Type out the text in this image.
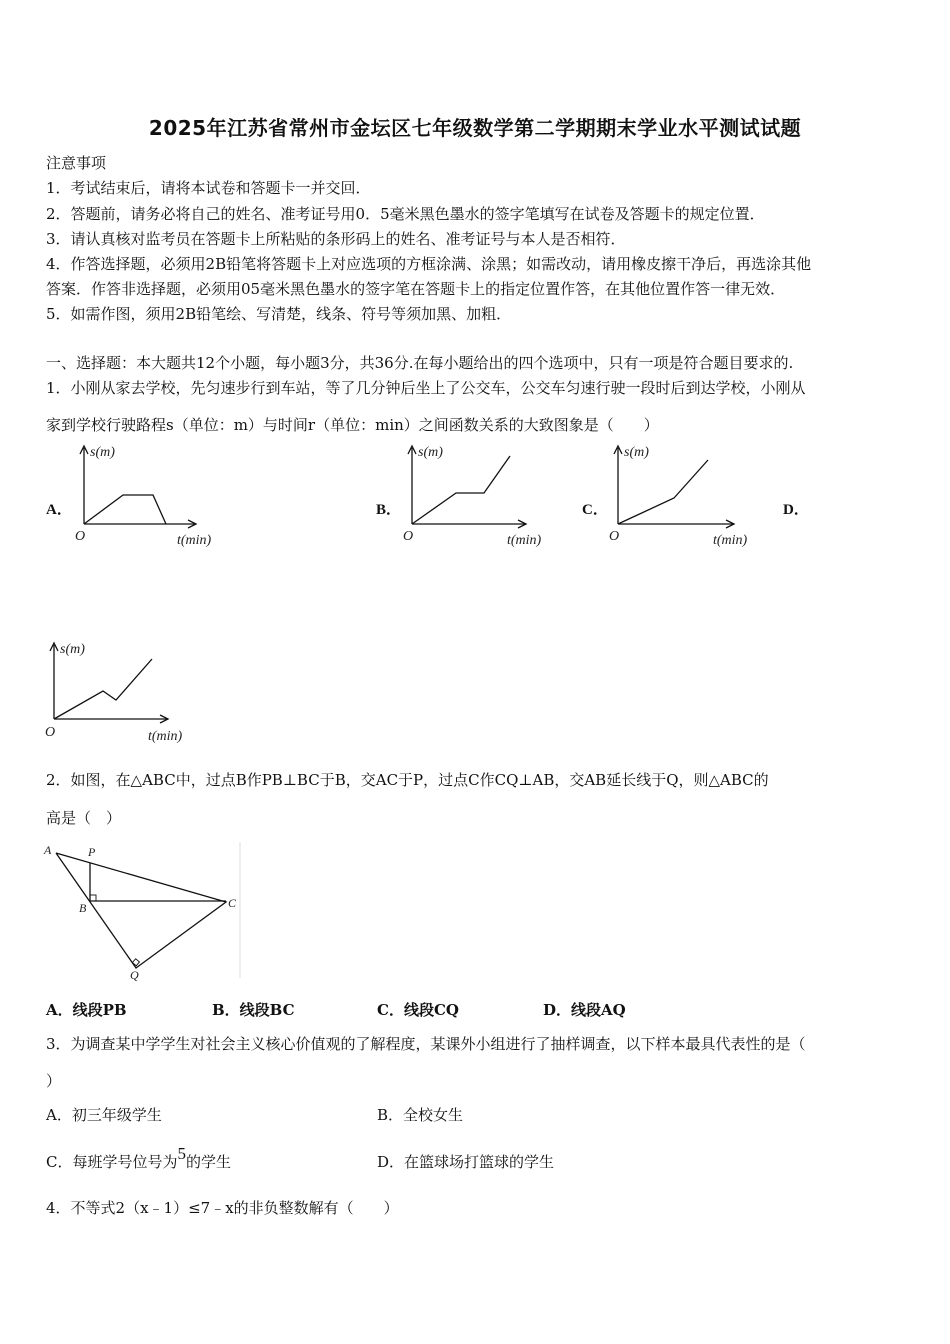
2025年江苏省常州市金坛区七年级数学第二学期期末学业水平测试试题
注意事项
1．考试结束后，请将本试卷和答题卡一并交回．
2．答题前，请务必将自己的姓名、准考证号用0．5毫米黑色墨水的签字笔填写在试卷及答题卡的规定位置．
3．请认真核对监考员在答题卡上所粘贴的条形码上的姓名、准考证号与本人是否相符．
4．作答选择题，必须用2B铅笔将答题卡上对应选项的方框涂满、涂黑；如需改动，请用橡皮擦干净后，再选涂其他
答案．作答非选择题，必须用05毫米黑色墨水的签字笔在答题卡上的指定位置作答，在其他位置作答一律无效．
5．如需作图，须用2B铅笔绘、写清楚，线条、符号等须加黑、加粗．
一、选择题：本大题共12个小题，每小题3分，共36分.在每小题给出的四个选项中，只有一项是符合题目要求的.
1．小刚从家去学校，先匀速步行到车站，等了几分钟后坐上了公交车，公交车匀速行驶一段时后到达学校，小刚从
家到学校行驶路程s（单位：m）与时间r（单位：min）之间函数关系的大致图象是（　　）
A．	B．	C．	D．
s(m)
O	t(min)
s(m)
O	t(min)
s(m)
O	t(min)
s(m)
O	t(min)
2．如图，在△ABC中，过点B作PB⊥BC于B，交AC于P，过点C作CQ⊥AB，交AB延长线于Q，则△ABC的
高是（　）
A	P
B	C
Q
A．线段PB	B．线段BC	C．线段CQ	D．线段AQ
3．为调查某中学学生对社会主义核心价值观的了解程度，某课外小组进行了抽样调查，以下样本最具代表性的是（
）
A．初三年级学生	B．全校女生
C．每班学号位号为5的学生	D．在篮球场打篮球的学生
4．不等式2（x﹣1）≤7﹣x的非负整数解有（　　）
